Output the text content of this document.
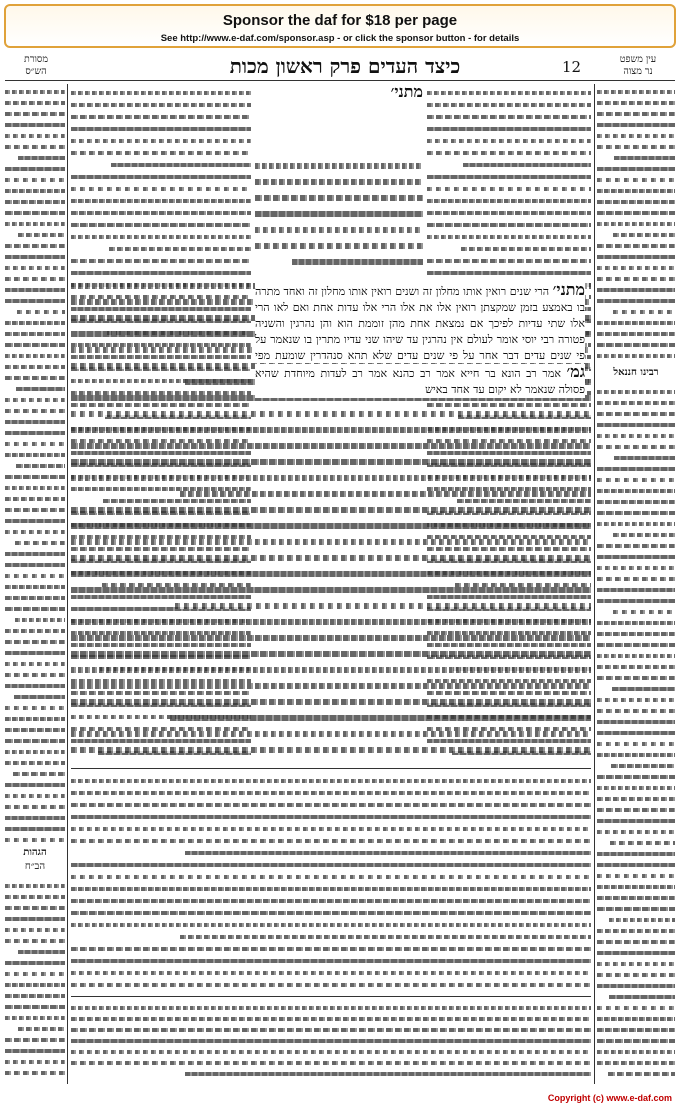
Sponsor the daf for $18 per page
See http://www.e-daf.com/sponsor.asp - or click the sponsor button - for details
עין משפט
נר מצוה
12
כיצד העדים פרק ראשון מכות
מסורת
הש״ס
רבינו חננאל
הגהות
הב״ח
מתני׳
מתני׳ הרי שנים רואין אותו מחלון זה ושנים רואין אותו מחלון זה ואחד מתרה בו באמצע בזמן שמקצתן רואין אלו את אלו הרי אלו עדות אחת ואם לאו הרי אלו שתי עדיות לפיכך אם נמצאת אחת מהן זוממת הוא והן נהרגין והשניה פטורה רבי יוסי אומר לעולם אין נהרגין עד שיהו שני עדיו מתרין בו שנאמר על פי שנים עדים דבר אחר על פי שנים עדים שלא תהא סנהדרין שומעת מפי
גמ׳ אמר רב הונא בר חייא אמר רב כהנא אמר רב לעדות מיוחדת שהיא פסולה שנאמר לא יקום עד אחד באיש
Copyright (c) www.e-daf.com
